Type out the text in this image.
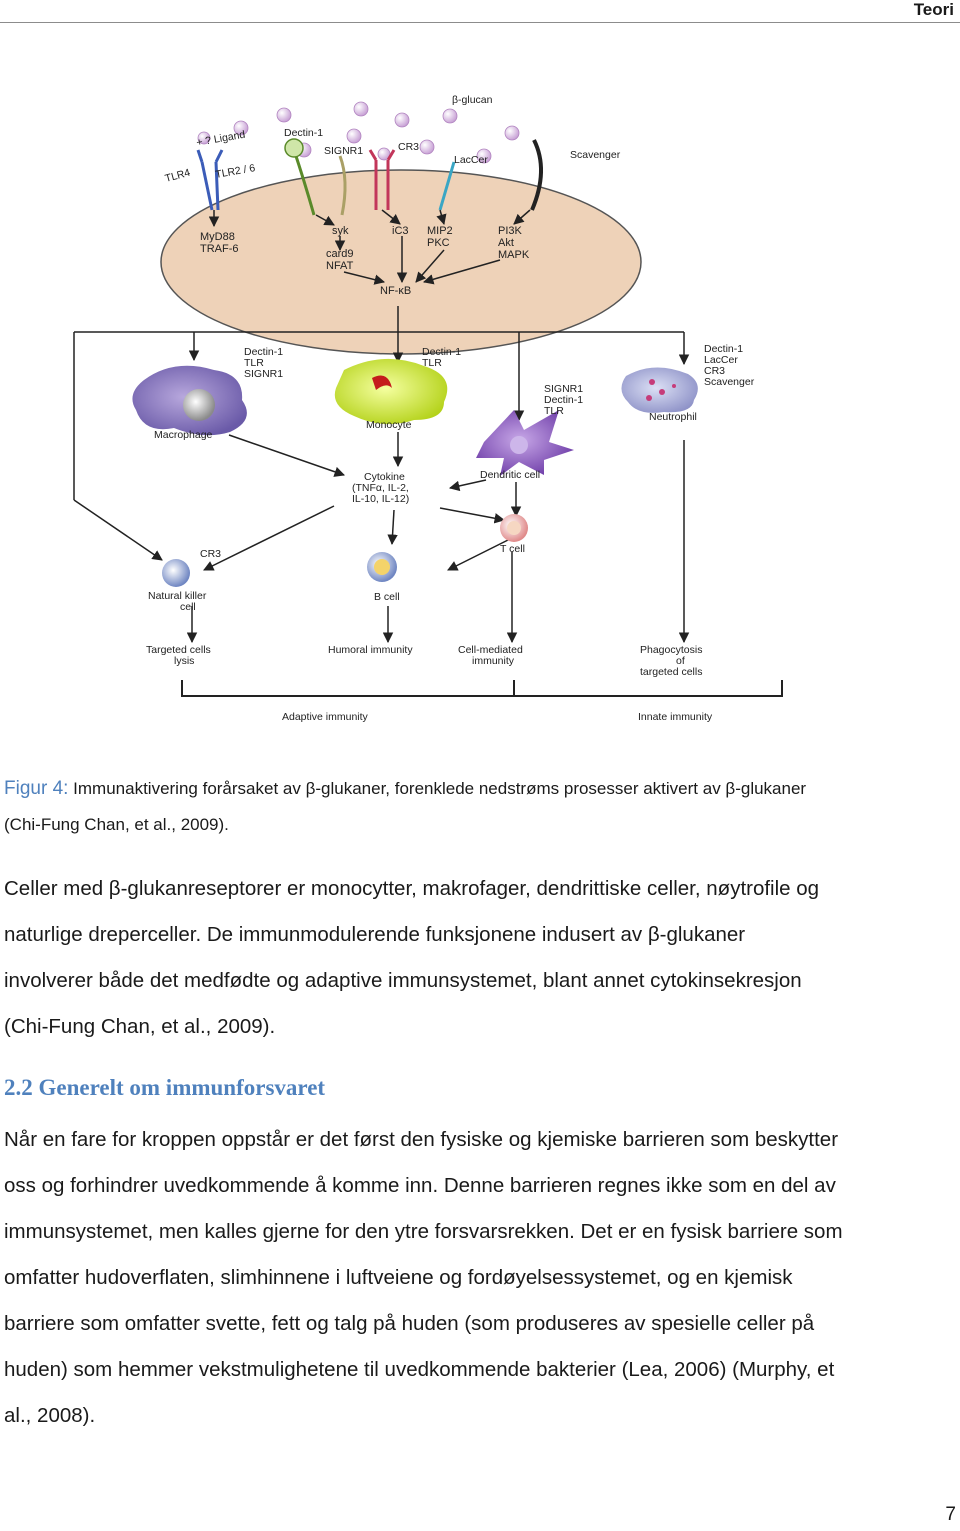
Teori
β-glucan
TLR4
+ ? Ligand
TLR2 / 6
Dectin-1
SIGNR1	CR3
LacCer	Scavenger
MyD88
TRAF-6
syk
card9
NFAT
iC3 MIP2
PKC
PI3K
Akt
MAPK
NF-κB
Dectin-1
TLR
SIGNR1
Macrophage
Dectin-1
TLR
Monocyte
SIGNR1
Dectin-1
TLR
Dendritic cell
Dectin-1
LacCer
CR3
Scavenger
Neutrophil
Cytokine
(TNFα, IL-2,
IL-10, IL-12)
CR3
Natural killer
cell
B cell
T cell
Targeted cells
lysis
Humoral immunity	Cell-mediated
immunity
Phagocytosis
of
targeted cells
Adaptive immunity	Innate immunity
Figur 4: Immunaktivering forårsaket av β-glukaner, forenklede nedstrøms prosesser aktivert av β-glukaner
(Chi-Fung Chan, et al., 2009).
Celler med β-glukanreseptorer er monocytter, makrofager, dendrittiske celler, nøytrofile og
naturlige dreperceller. De immunmodulerende funksjonene indusert av β-glukaner
involverer både det medfødte og adaptive immunsystemet, blant annet cytokinsekresjon
(Chi-Fung Chan, et al., 2009).
2.2 Generelt om immunforsvaret
Når en fare for kroppen oppstår er det først den fysiske og kjemiske barrieren som beskytter
oss og forhindrer uvedkommende å komme inn. Denne barrieren regnes ikke som en del av
immunsystemet, men kalles gjerne for den ytre forsvarsrekken. Det er en fysisk barriere som
omfatter hudoverflaten, slimhinnene i luftveiene og fordøyelsessystemet, og en kjemisk
barriere som omfatter svette, fett og talg på huden (som produseres av spesielle celler på
huden) som hemmer vekstmulighetene til uvedkommende bakterier (Lea, 2006) (Murphy, et
al., 2008).
7
